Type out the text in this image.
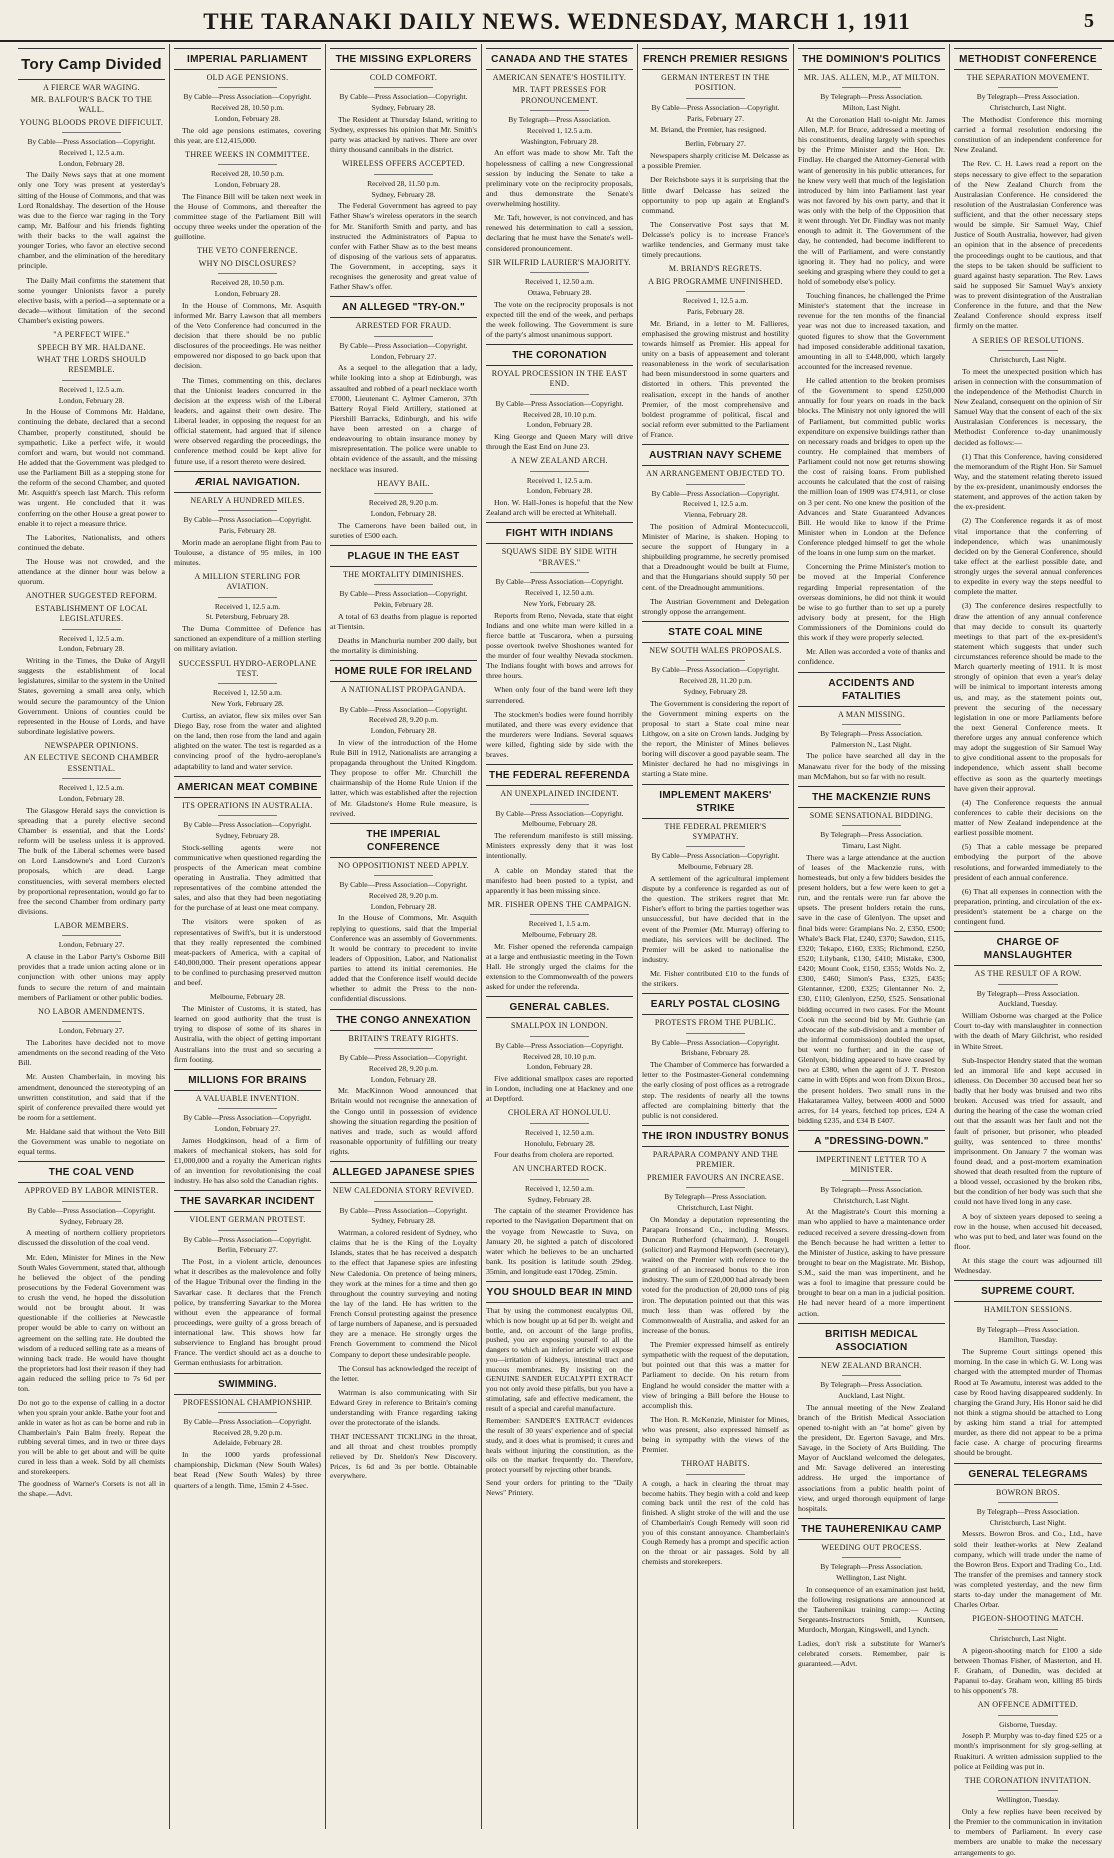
THE TARANAKI DAILY NEWS. WEDNESDAY, MARCH 1, 1911	5
Tory Camp Divided
A FIERCE WAR WAGING.
MR. BALFOUR'S BACK TO THE WALL.
YOUNG BLOODS PROVE DIFFICULT.
By Cable—Press Association—Copyright.
Received 1, 12.5 a.m.
London, February 28.

The Daily News says that at one moment only one Tory was present at yesterday's sitting of the House of Commons, and that was Lord Ronaldshay. The desertion of the House was due to the fierce war raging in the Tory camp, Mr. Balfour and his friends fighting with their backs to the wall against the younger Tories, who favor an elective second chamber, and the elimination of the hereditary principle.

The Daily Mail confirms the statement that some younger Unionists favor a purely elective basis, with a period—a septennate or a decade—without limitation of the second Chamber's existing powers.

"A PERFECT WIFE."
SPEECH BY MR. HALDANE.
WHAT THE LORDS SHOULD RESEMBLE.
Received 1, 12.5 a.m.
London, February 28.

In the House of Commons Mr. Haldane, continuing the debate, declared that a second Chamber, properly constituted, should be sympathetic. Like a perfect wife, it would comfort and warn, but would not command. He added that the Government was pledged to use the Parliament Bill as a stepping stone for the reform of the second Chamber, and quoted Mr. Asquith's speech last March. This reform was urgent. He concluded that it was conferring on the other House a great power to enable it to reject a measure thrice.

The Laborites, Nationalists, and others continued the debate.

The House was not crowded, and the attendance at the dinner hour was below a quorum.

ANOTHER SUGGESTED REFORM.
ESTABLISHMENT OF LOCAL LEGISLATURES.
Received 1, 12.5 a.m.
London, February 28.

Writing in the Times, the Duke of Argyll suggests the establishment of local legislatures, similar to the system in the United States, governing a small area only, which would secure the paramountcy of the Union Government. Unions of counties could be represented in the House of Lords, and have subordinate legislative powers.

NEWSPAPER OPINIONS.
AN ELECTIVE SECOND CHAMBER ESSENTIAL.
Received 1, 12.5 a.m.
London, February 28.

The Glasgow Herald says the conviction is spreading that a purely elective second Chamber is essential, and that the Lords' reform will be useless unless it is approved. The bulk of the Liberal schemes were based on Lord Lansdowne's and Lord Curzon's proposals, which are dead. Large constituencies, with several members elected by proportional representation, would go far to free the second Chamber from ordinary party divisions.

LABOR MEMBERS.
London, February 27.

A clause in the Labor Party's Osborne Bill provides that a trade union acting alone or in conjunction with other unions may apply funds to secure the return of and maintain members of Parliament or other public bodies.

NO LABOR AMENDMENTS.
London, February 27.

The Laborites have decided not to move amendments on the second reading of the Veto Bill.

Mr. Austen Chamberlain, in moving his amendment, denounced the stereotyping of an unwritten constitution, and said that if the spirit of conference prevailed there would yet be room for a settlement.

Mr. Haldane said that without the Veto Bill the Government was unable to negotiate on equal terms.

THE COAL VEND
APPROVED BY LABOR MINISTER.
By Cable—Press Association—Copyright.
Sydney, February 28.

A meeting of northern colliery proprietors discussed the dissolution of the coal vend.

Mr. Eden, Minister for Mines in the New South Wales Government, stated that, although he believed the object of the pending prosecutions by the Federal Government was to crush the vend, he hoped the dissolution would not be brought about. It was questionable if the collieries at Newcastle proper would be able to carry on without an agreement on the selling rate. He doubted the wisdom of a reduced selling rate as a means of winning back trade. He would have thought the proprietors had lost their reason if they had again reduced the selling price to 7s 6d per ton.

Do not go to the expense of calling in a doctor when you sprain your ankle. Bathe your foot and ankle in water as hot as can be borne and rub in Chamberlain's Pain Balm freely. Repeat the rubbing several times, and in two or three days you will be able to get about and will be quite cured in less than a week. Sold by all chemists and storekeepers.

The goodness of Warner's Corsets is not all in the shape.—Advt.

IMPERIAL PARLIAMENT
OLD AGE PENSIONS.
By Cable—Press Association—Copyright.
Received 28, 10.50 p.m.
London, February 28.

The old age pensions estimates, covering this year, are £12,415,000.

THREE WEEKS IN COMMITTEE.
Received 28, 10.50 p.m.
London, February 28.

The Finance Bill will be taken next week in the House of Commons, and thereafter the committee stage of the Parliament Bill will occupy three weeks under the operation of the guillotine.

THE VETO CONFERENCE.
WHY NO DISCLOSURES?
Received 28, 10.50 p.m.
London, February 28.

In the House of Commons, Mr. Asquith informed Mr. Barry Lawson that all members of the Veto Conference had concurred in the decision that there should be no public disclosures of the proceedings. He was neither empowered nor disposed to go back upon that decision.

The Times, commenting on this, declares that the Unionist leaders concurred in the decision at the express wish of the Liberal leaders, and against their own desire. The Liberal leader, in opposing the request for an official statement, had argued that if silence were observed regarding the proceedings, the conference method could be kept alive for future use, if a resort thereto were desired.

ÆRIAL NAVIGATION.
NEARLY A HUNDRED MILES.
By Cable—Press Association—Copyright.
Paris, February 28.

Morin made an aeroplane flight from Pau to Toulouse, a distance of 95 miles, in 100 minutes.

A MILLION STERLING FOR AVIATION.
Received 1, 12.5 a.m.
St. Petersburg, February 28.

The Duma Committee of Defence has sanctioned an expenditure of a million sterling on military aviation.

SUCCESSFUL HYDRO-AEROPLANE TEST.
Received 1, 12.50 a.m.
New York, February 28.

Curtiss, an aviator, flew six miles over San Diego Bay, rose from the water and alighted on the land, then rose from the land and again alighted on the water. The test is regarded as a convincing proof of the hydro-aeroplane's adaptability to land and water service.

AMERICAN MEAT COMBINE
ITS OPERATIONS IN AUSTRALIA.
By Cable—Press Association—Copyright.
Sydney, February 28.

Stock-selling agents were not communicative when questioned regarding the prospects of the American meat combine operating in Australia. They admitted that representatives of the combine attended the sales, and also that they had been negotiating for the purchase of at least one meat company.

The visitors were spoken of as representatives of Swift's, but it is understood that they really represented the combined meat-packers of America, with a capital of £40,000,000. Their present operations appear to be confined to purchasing preserved mutton and beef.

Melbourne, February 28.

The Minister of Customs, it is stated, has learned on good authority that the trust is trying to dispose of some of its shares in Australia, with the object of getting important Australians into the trust and so securing a firm footing.

MILLIONS FOR BRAINS
A VALUABLE INVENTION.
By Cable—Press Association—Copyright.
London, February 27.

James Hodgkinson, head of a firm of makers of mechanical stokers, has sold for £1,000,000 and a royalty the American rights of an invention for revolutionising the coal industry. He has also sold the Canadian rights.

THE SAVARKAR INCIDENT
VIOLENT GERMAN PROTEST.
By Cable—Press Association—Copyright.
Berlin, February 27.

The Post, in a violent article, denounces what it describes as the malevolence and folly of the Hague Tribunal over the finding in the Savarkar case. It declares that the French police, by transferring Savarkar to the Morea without even the appearance of formal proceedings, were guilty of a gross breach of international law. This shows how far subservience to England has brought proud France. The verdict should act as a douche to German enthusiasts for arbitration.

SWIMMING.
PROFESSIONAL CHAMPIONSHIP.
By Cable—Press Association—Copyright.
Received 28, 9.20 p.m.
Adelaide, February 28.

In the 1000 yards professional championship, Dickman (New South Wales) beat Read (New South Wales) by three quarters of a length. Time, 15min 2 4-5sec.

THE MISSING EXPLORERS
COLD COMFORT.
By Cable—Press Association—Copyright.
Sydney, February 28.

The Resident at Thursday Island, writing to Sydney, expresses his opinion that Mr. Smith's party was attacked by natives. There are over thirty thousand cannibals in the district.

WIRELESS OFFERS ACCEPTED.
Received 28, 11.50 p.m.
Sydney, February 28.

The Federal Government has agreed to pay Father Shaw's wireless operators in the search for Mr. Staniforth Smith and party, and has instructed the Administrators of Papua to confer with Father Shaw as to the best means of disposing of the various sets of apparatus. The Government, in accepting, says it recognises the generosity and great value of Father Shaw's offer.

AN ALLEGED "TRY-ON."
ARRESTED FOR FRAUD.
By Cable—Press Association—Copyright.
London, February 27.

As a sequel to the allegation that a lady, while looking into a shop at Edinburgh, was assaulted and robbed of a pearl necklace worth £7000, Lieutenant C. Aylmer Cameron, 37th Battery Royal Field Artillery, stationed at Piershill Barracks, Edinburgh, and his wife have been arrested on a charge of endeavouring to obtain insurance money by misrepresentation. The police were unable to obtain evidence of the assault, and the missing necklace was insured.

HEAVY BAIL.
Received 28, 9.20 p.m.
London, February 28.

The Camerons have been bailed out, in sureties of £500 each.

PLAGUE IN THE EAST
THE MORTALITY DIMINISHES.
By Cable—Press Association—Copyright.
Pekin, February 28.

A total of 63 deaths from plague is reported at Tientsin.

Deaths in Manchuria number 200 daily, but the mortality is diminishing.

HOME RULE FOR IRELAND
A NATIONALIST PROPAGANDA.
By Cable—Press Association—Copyright.
Received 28, 9.20 p.m.
London, February 28.

In view of the introduction of the Home Rule Bill in 1912, Nationalists are arranging a propaganda throughout the United Kingdom. They propose to offer Mr. Churchill the chairmanship of the Home Rule Union if the latter, which was established after the rejection of Mr. Gladstone's Home Rule measure, is revived.

THE IMPERIAL CONFERENCE
NO OPPOSITIONIST NEED APPLY.
By Cable—Press Association—Copyright.
Received 28, 9.20 p.m.
London, February 28.

In the House of Commons, Mr. Asquith replying to questions, said that the Imperial Conference was an assembly of Governments. It would be contrary to precedent to invite leaders of Opposition, Labor, and Nationalist parties to attend its initial ceremonies. He added that the Conference itself would decide whether to admit the Press to the non-confidential discussions.

THE CONGO ANNEXATION
BRITAIN'S TREATY RIGHTS.
By Cable—Press Association—Copyright.
Received 28, 9.20 p.m.
London, February 28.

Mr. MacKinnon Wood announced that Britain would not recognise the annexation of the Congo until in possession of evidence showing the situation regarding the position of natives and trade, such as would afford reasonable opportunity of fulfilling our treaty rights.

ALLEGED JAPANESE SPIES
NEW CALEDONIA STORY REVIVED.
By Cable—Press Association—Copyright.
Sydney, February 28.

Watrman, a colored resident of Sydney, who claims that he is the King of the Loyalty Islands, states that he has received a despatch to the effect that Japanese spies are infesting New Caledonia. On pretence of being miners, they work at the mines for a time and then go throughout the country surveying and noting the lay of the land. He has written to the French Consul protesting against the presence of large numbers of Japanese, and is persuaded they are a menace. He strongly urges the French Government to commend the Nicol Company to deport these undesirable people.

The Consul has acknowledged the receipt of the letter.

Watrman is also communicating with Sir Edward Grey in reference to Britain's coming understanding with France regarding taking over the protectorate of the islands.

THAT INCESSANT TICKLING in the throat, and all throat and chest troubles promptly relieved by Dr. Sheldon's New Discovery. Prices, 1s 6d and 3s per bottle. Obtainable everywhere.

CANADA AND THE STATES
AMERICAN SENATE'S HOSTILITY.
MR. TAFT PRESSES FOR PRONOUNCEMENT.
By Telegraph—Press Association.
Received 1, 12.5 a.m.
Washington, February 28.

An effort was made to show Mr. Taft the hopelessness of calling a new Congressional session by inducing the Senate to take a preliminary vote on the reciprocity proposals, and thus demonstrate the Senate's overwhelming hostility.

Mr. Taft, however, is not convinced, and has renewed his determination to call a session, declaring that he must have the Senate's well-considered pronouncement.

SIR WILFRID LAURIER'S MAJORITY.
Received 1, 12.50 a.m.
Ottawa, February 28.

The vote on the reciprocity proposals is not expected till the end of the week, and perhaps the week following. The Government is sure of the party's almost unanimous support.

THE CORONATION
ROYAL PROCESSION IN THE EAST END.
By Cable—Press Association—Copyright.
Received 28, 10.10 p.m.
London, February 28.

King George and Queen Mary will drive through the East End on June 23.

A NEW ZEALAND ARCH.
Received 1, 12.5 a.m.
London, February 28.

Hon. W. Hall-Jones is hopeful that the New Zealand arch will be erected at Whitehall.

FIGHT WITH INDIANS
SQUAWS SIDE BY SIDE WITH "BRAVES."
By Cable—Press Association—Copyright.
Received 1, 12.50 a.m.
New York, February 28.

Reports from Reno, Nevada, state that eight Indians and one white man were killed in a fierce battle at Tuscarora, when a pursuing posse overtook twelve Shoshones wanted for the murder of four wealthy Nevada stockmen. The Indians fought with bows and arrows for three hours.

When only four of the band were left they surrendered.

The stockmen's bodies were found horribly mutilated, and there was every evidence that the murderers were Indians. Several squaws were killed, fighting side by side with the braves.

THE FEDERAL REFERENDA
AN UNEXPLAINED INCIDENT.
By Cable—Press Association—Copyright.
Melbourne, February 28.

The referendum manifesto is still missing. Ministers expressly deny that it was lost intentionally.

A cable on Monday stated that the manifesto had been posted to a typist, and apparently it has been missing since.

MR. FISHER OPENS THE CAMPAIGN.
Received 1, 1.5 a.m.
Melbourne, February 28.

Mr. Fisher opened the referenda campaign at a large and enthusiastic meeting in the Town Hall. He strongly urged the claims for the extension to the Commonwealth of the powers asked for under the referenda.

GENERAL CABLES.
SMALLPOX IN LONDON.
By Cable—Press Association—Copyright.
Received 28, 10.10 p.m.
London, February 28.

Five additional smallpox cases are reported in London, including one at Hackney and one at Deptford.

CHOLERA AT HONOLULU.
Received 1, 12.50 a.m.
Honolulu, February 28.

Four deaths from cholera are reported.

AN UNCHARTED ROCK.
Received 1, 12.50 a.m.
Sydney, February 28.

The captain of the steamer Providence has reported to the Navigation Department that on the voyage from Newcastle to Suva, on January 20, he sighted a patch of discolored water which he believes to be an uncharted bank. Its position is latitude south 29deg. 35min, and longitude east 170deg. 25min.

YOU SHOULD BEAR IN MIND

That by using the commonest eucalyptus Oil, which is now bought up at 6d per lb. weight and bottle, and, on account of the large profits, pushed, you are exposing yourself to all the dangers to which an inferior article will expose you—irritation of kidneys, intestinal tract and mucous membranes. By insisting on the GENUINE SANDER EUCALYPTI EXTRACT you not only avoid these pitfalls, but you have a stimulating, safe and effective medicament, the result of a special and careful manufacture.

Remember: SANDER'S EXTRACT evidences the result of 30 years' experience and of special study, and it does what is promised; it cures and heals without injuring the constitution, as the oils on the market frequently do. Therefore, protect yourself by rejecting other brands.

Send your orders for printing to the "Daily News" Printery.

FRENCH PREMIER RESIGNS
GERMAN INTEREST IN THE POSITION.
By Cable—Press Association—Copyright.
Paris, February 27.

M. Briand, the Premier, has resigned.

Berlin, February 27.

Newspapers sharply criticise M. Delcasse as a possible Premier.

Der Reichsbote says it is surprising that the little dwarf Delcasse has seized the opportunity to pop up again at England's command.

The Conservative Post says that M. Delcasse's policy is to increase France's warlike tendencies, and Germany must take timely precautions.

M. BRIAND'S REGRETS.
A BIG PROGRAMME UNFINISHED.
Received 1, 12.5 a.m.
Paris, February 28.

Mr. Briand, in a letter to M. Fallieres, emphasised the growing mistrust and hostility towards himself as Premier. His appeal for unity on a basis of appeasement and tolerant reasonableness in the work of secularisation had been misunderstood in some quarters and distorted in others. This prevented the realisation, except in the hands of another Premier, of the most comprehensive and boldest programme of political, fiscal and social reform ever submitted to the Parliament of France.

AUSTRIAN NAVY SCHEME
AN ARRANGEMENT OBJECTED TO.
By Cable—Press Association—Copyright.
Received 1, 12.5 a.m.
Vienna, February 28.

The position of Admiral Montecuccoli, Minister of Marine, is shaken. Hoping to secure the support of Hungary in a shipbuilding programme, he secretly promised that a Dreadnought would be built at Fiume, and that the Hungarians should supply 50 per cent. of the Dreadnought ammunitions.

The Austrian Government and Delegation strongly oppose the arrangement.

STATE COAL MINE
NEW SOUTH WALES PROPOSALS.
By Cable—Press Association—Copyright.
Received 28, 11.20 p.m.
Sydney, February 28.

The Government is considering the report of the Government mining experts on the proposal to start a State coal mine near Lithgow, on a site on Crown lands. Judging by the report, the Minister of Mines believes boring will discover a good payable seam. The Minister declared he had no misgivings in starting a State mine.

IMPLEMENT MAKERS' STRIKE
THE FEDERAL PREMIER'S SYMPATHY.
By Cable—Press Association—Copyright.
Melbourne, February 28.

A settlement of the agricultural implement dispute by a conference is regarded as out of the question. The strikers regret that Mr. Fisher's effort to bring the parties together was unsuccessful, but have decided that in the event of the Premier (Mr. Murray) offering to mediate, his services will be declined. The Premier will be asked to nationalise the industry.

Mr. Fisher contributed £10 to the funds of the strikers.

EARLY POSTAL CLOSING
PROTESTS FROM THE PUBLIC.
By Cable—Press Association—Copyright.
Brisbane, February 28.

The Chamber of Commerce has forwarded a letter to the Postmaster-General condemning the early closing of post offices as a retrograde step. The residents of nearly all the towns affected are complaining bitterly that the public is not considered.

THE IRON INDUSTRY BONUS
PARAPARA COMPANY AND THE PREMIER.
PREMIER FAVOURS AN INCREASE.
By Telegraph—Press Association.
Christchurch, Last Night.

On Monday a deputation representing the Parapara Ironsand Co., including Messrs. Duncan Rutherford (chairman), J. Rougeli (solicitor) and Raymond Hepworth (secretary), waited on the Premier with reference to the granting of an increased bonus to the iron industry. The sum of £20,000 had already been voted for the production of 20,000 tons of pig iron. The deputation pointed out that this was much less than was offered by the Commonwealth of Australia, and asked for an increase of the bonus.

The Premier expressed himself as entirely sympathetic with the request of the deputation, but pointed out that this was a matter for Parliament to decide. On his return from England he would consider the matter with a view of bringing a Bill before the House to accomplish this.

The Hon. R. McKenzie, Minister for Mines, who was present, also expressed himself as being in sympathy with the views of the Premier.

THROAT HABITS.

A cough, a hack in clearing the throat may become habits. They begin with a cold and keep coming back until the rest of the cold has finished. A slight stroke of the will and the use of Chamberlain's Cough Remedy will soon rid you of this constant annoyance. Chamberlain's Cough Remedy has a prompt and specific action on the throat or air passages. Sold by all chemists and storekeepers.

THE DOMINION'S POLITICS
MR. JAS. ALLEN, M.P., AT MILTON.
By Telegraph—Press Association.
Milton, Last Night.

At the Coronation Hall to-night Mr. James Allen, M.P. for Bruce, addressed a meeting of his constituents, dealing largely with speeches by the Prime Minister and the Hon. Dr. Findlay. He charged the Attorney-General with want of generosity in his public utterances, for he knew very well that much of the legislation introduced by him into Parliament last year was not favored by his own party, and that it was only with the help of the Opposition that it went through. Yet Dr. Findlay was not manly enough to admit it. The Government of the day, he contended, had become indifferent to the will of Parliament, and were constantly ignoring it. They had no policy, and were seeking and grasping where they could to get a hold of somebody else's policy.

Touching finances, he challenged the Prime Minister's statement that the increase in revenue for the ten months of the financial year was not due to increased taxation, and quoted figures to show that the Government had imposed considerable additional taxation, amounting in all to £448,000, which largely accounted for the increased revenue.

He called attention to the broken promises of the Government to spend £250,000 annually for four years on roads in the back blocks. The Ministry not only ignored the will of Parliament, but committed public works expenditure on expensive buildings rather than on necessary roads and bridges to open up the country. He complained that members of Parliament could not now get returns showing the cost of raising loans. From published accounts he calculated that the cost of raising the million loan of 1909 was £74,911, or close on 3 per cent. No one knew the position of the Advances and State Guaranteed Advances Bill. He would like to know if the Prime Minister when in London at the Defence Conference pledged himself to get the whole of the loans in one lump sum on the market.

Concerning the Prime Minister's motion to be moved at the Imperial Conference regarding Imperial representation of the overseas dominions, he did not think it would be wise to go further than to set up a purely advisory body at present, for the High Commissioners of the Dominions could do this work if they were properly selected.

Mr. Allen was accorded a vote of thanks and confidence.

ACCIDENTS AND FATALITIES
A MAN MISSING.
By Telegraph—Press Association.
Palmerston N., Last Night.

The police have searched all day in the Manawatu river for the body of the missing man McMahon, but so far with no result.

THE MACKENZIE RUNS
SOME SENSATIONAL BIDDING.
By Telegraph—Press Association.
Timaru, Last Night.

There was a large attendance at the auction of leases of the Mackenzie runs, with homesteads, but only a few bidders besides the present holders, but a few were keen to get a run, and the rentals were run far above the upsets. The present holders retain the runs, save in the case of Glenlyon. The upset and final bids were: Grampians No. 2, £350, £500; Whale's Back Flat, £240, £370; Sawdon, £115, £320; Tekapo, £160, £335; Richmond, £250, £520; Lilybank, £130, £410; Mistake, £300, £420; Mount Cook, £150, £355; Wolds No. 2, £300, £460; Simon's Pass, £325, £435; Glentanner, £200, £325; Glentanner No. 2, £30, £110; Glenlyon, £250, £525. Sensational bidding occurred in two cases. For the Mount Cook run the second bid by Mr. Guthrie (an advocate of the sub-division and a member of the informal commission) doubled the upset, but went no further; and in the case of Glenlyon, bidding appeared to have ceased by two at £380, when the agent of J. T. Preston came in with £6pts and won from Dixon Bros., the present holders. Two small runs in the Hakataramea Valley, between 4000 and 5000 acres, for 14 years, fetched top prices, £24 A bidding £235, and £34 B £407.

A "DRESSING-DOWN."
IMPERTINENT LETTER TO A MINISTER.
By Telegraph—Press Association.
Christchurch, Last Night.

At the Magistrate's Court this morning a man who applied to have a maintenance order reduced received a severe dressing-down from the Bench because he had written a letter to the Minister of Justice, asking to have pressure brought to bear on the Magistrate. Mr. Bishop, S.M., said the man was impertinent, and he was a fool to imagine that pressure could be brought to bear on a man in a judicial position. He had never heard of a more impertinent action.

BRITISH MEDICAL ASSOCIATION
NEW ZEALAND BRANCH.
By Telegraph—Press Association.
Auckland, Last Night.

The annual meeting of the New Zealand branch of the British Medical Association opened to-night with an "at home" given by the president, Dr. Egerton Savage, and Mrs. Savage, in the Society of Arts Building. The Mayor of Auckland welcomed the delegates, and Mr. Savage delivered an interesting address. He urged the importance of associations from a public health point of view, and urged thorough equipment of large hospitals.

THE TAUHERENIKAU CAMP
WEEDING OUT PROCESS.
By Telegraph—Press Association.
Wellington, Last Night.

In consequence of an examination just held, the following resignations are announced at the Tauherenikau training camp:— Acting Sergeants-Instructors Smith, Kuntsen, Murdoch, Morgan, Kingswell, and Lynch.

Ladies, don't risk a substitute for Warner's celebrated corsets. Remember, pair is guaranteed.—Advt.

METHODIST CONFERENCE
THE SEPARATION MOVEMENT.
By Telegraph—Press Association.
Christchurch, Last Night.

The Methodist Conference this morning carried a formal resolution endorsing the constitution of an independent conference for New Zealand.

The Rev. C. H. Laws read a report on the steps necessary to give effect to the separation of the New Zealand Church from the Australasian Conference. He considered the resolution of the Australasian Conference was sufficient, and that the other necessary steps would be simple. Sir Samuel Way, Chief Justice of South Australia, however, had given an opinion that in the absence of precedents the proceedings ought to be cautious, and that the steps to be taken should be sufficient to guard against hasty separation. The Rev. Laws said he supposed Sir Samuel Way's anxiety was to prevent disintegration of the Australian Conference in the future, and that the New Zealand Conference should express itself firmly on the matter.

A SERIES OF RESOLUTIONS.
Christchurch, Last Night.

To meet the unexpected position which has arisen in connection with the consummation of the independence of the Methodist Church in New Zealand, consequent on the opinion of Sir Samuel Way that the consent of each of the six Australasian Conferences is necessary, the Methodist Conference to-day unanimously decided as follows:—

(1) That this Conference, having considered the memorandum of the Right Hon. Sir Samuel Way, and the statement relating thereto issued by the ex-president, unanimously endorses the statement, and approves of the action taken by the ex-president.

(2) The Conference regards it as of most vital importance that the conferring of independence, which was unanimously decided on by the General Conference, should take effect at the earliest possible date, and strongly urges the several annual conferences to expedite in every way the steps needful to complete the matter.

(3) The conference desires respectfully to draw the attention of any annual conference that may decide to consult its quarterly meetings to that part of the ex-president's statement which suggests that under such circumstances reference should be made to the March quarterly meeting of 1911. It is most strongly of opinion that even a year's delay will be inimical to important interests among us, and may, as the statement points out, prevent the securing of the necessary legislation in one or more Parliaments before the next General Conference meets. It therefore urges any annual conference which may adopt the suggestion of Sir Samuel Way to give conditional assent to the proposals for independence, which assent shall become effective as soon as the quarterly meetings have given their approval.

(4) The Conference requests the annual conferences to cable their decisions on the matter of New Zealand independence at the earliest possible moment.

(5) That a cable message be prepared embodying the purport of the above resolutions, and forwarded immediately to the president of each annual conference.

(6) That all expenses in connection with the preparation, printing, and circulation of the ex-president's statement be a charge on the contingent fund.

CHARGE OF MANSLAUGHTER
AS THE RESULT OF A ROW.
By Telegraph—Press Association.
Auckland, Tuesday.

William Osborne was charged at the Police Court to-day with manslaughter in connection with the death of Mary Gilchrist, who resided in White Street.

Sub-Inspector Hendry stated that the woman led an immoral life and kept accused in idleness. On December 30 accused beat her so badly that her body was bruised and two ribs broken. Accused was tried for assault, and during the hearing of the case the woman cried out that the assault was her fault and not the fault of prisoner, but prisoner, who pleaded guilty, was sentenced to three months' imprisonment. On January 7 the woman was found dead, and a post-mortem examination showed that death resulted from the rupture of a blood vessel, occasioned by the broken ribs, but the condition of her body was such that she could not have lived long in any case.

A boy of sixteen years deposed to seeing a row in the house, when accused hit deceased, who was put to bed, and later was found on the floor.

At this stage the court was adjourned till Wednesday.

SUPREME COURT.
HAMILTON SESSIONS.
By Telegraph—Press Association.
Hamilton, Tuesday.

The Supreme Court sittings opened this morning. In the case in which G. W. Long was charged with the attempted murder of Thomas Rood at Te Awamutu, interest was added to the case by Rood having disappeared suddenly. In charging the Grand Jury, His Honor said he did not think a stigma should be attached to Long by asking him stand a trial for attempted murder, as there did not appear to be a prima facie case. A charge of procuring firearms should be brought.

GENERAL TELEGRAMS
BOWRON BROS.
By Telegraph—Press Association.
Christchurch, Last Night.

Messrs. Bowron Bros. and Co., Ltd., have sold their leather-works at New Zealand company, which will trade under the name of the Bowron Bros. Export and Trading Co., Ltd. The transfer of the premises and tannery stock was completed yesterday, and the new firm starts to-day under the management of Mr. Charles Orbar.

PIGEON-SHOOTING MATCH.
Christchurch, Last Night.

A pigeon-shooting match for £100 a side between Thomas Fisher, of Masterton, and H. F. Graham, of Dunedin, was decided at Papanui to-day. Graham won, killing 85 birds to his opponent's 78.

AN OFFENCE ADMITTED.
Gisborne, Tuesday.

Joseph P. Murphy was to-day fined £25 or a month's imprisonment for sly grog-selling at Ruakituri. A written admission supplied to the police at Feilding was put in.

THE CORONATION INVITATION.
Wellington, Tuesday.

Only a few replies have been received by the Premier to the communication in invitation to members of Parliament. In every case members are unable to make the necessary arrangements to go.
